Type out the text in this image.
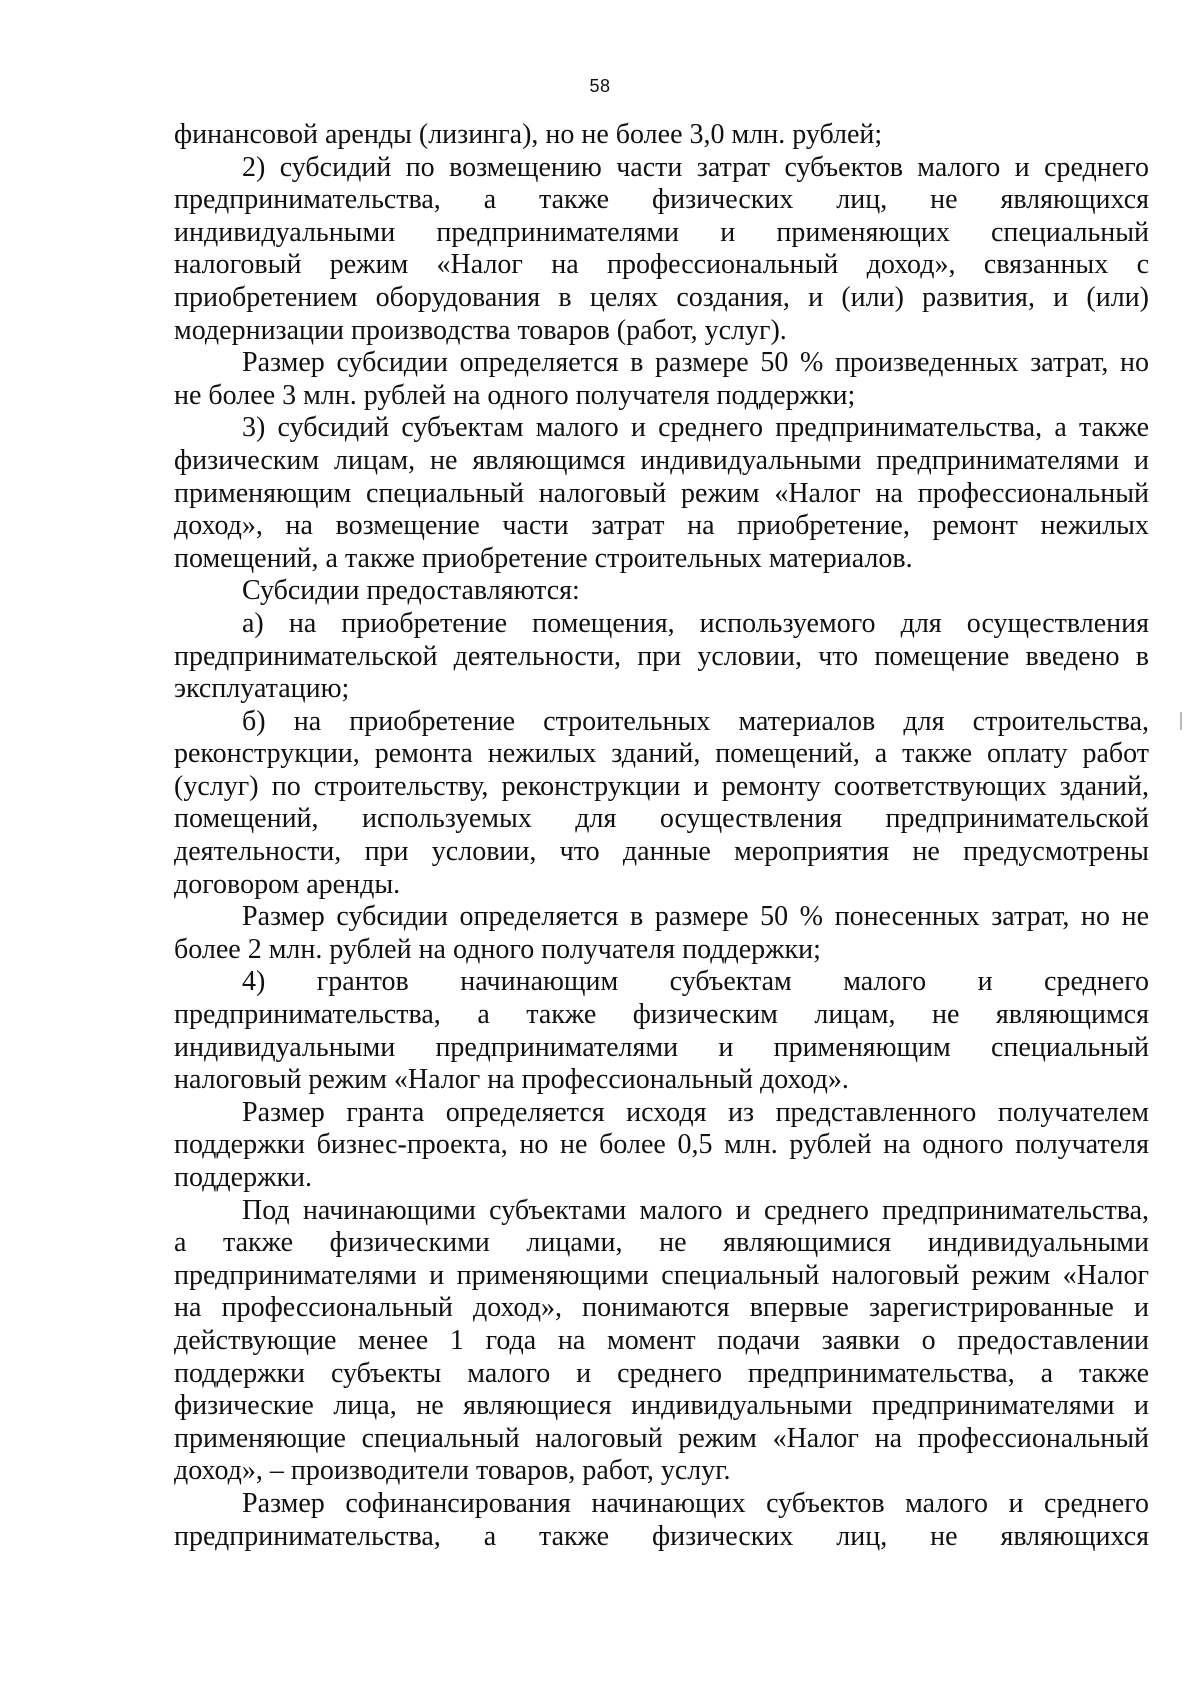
58
финансовой аренды (лизинга), но не более 3,0 млн. рублей;
2) субсидий по возмещению части затрат субъектов малого и среднего
предпринимательства, а также физических лиц, не являющихся
индивидуальными предпринимателями и применяющих специальный
налоговый режим «Налог на профессиональный доход», связанных с
приобретением оборудования в целях создания, и (или) развития, и (или)
модернизации производства товаров (работ, услуг).
Размер субсидии определяется в размере 50 % произведенных затрат, но
не более 3 млн. рублей на одного получателя поддержки;
3) субсидий субъектам малого и среднего предпринимательства, а также
физическим лицам, не являющимся индивидуальными предпринимателями и
применяющим специальный налоговый режим «Налог на профессиональный
доход», на возмещение части затрат на приобретение, ремонт нежилых
помещений, а также приобретение строительных материалов.
Субсидии предоставляются:
а) на приобретение помещения, используемого для осуществления
предпринимательской деятельности, при условии, что помещение введено в
эксплуатацию;
б) на приобретение строительных материалов для строительства,
реконструкции, ремонта нежилых зданий, помещений, а также оплату работ
(услуг) по строительству, реконструкции и ремонту соответствующих зданий,
помещений, используемых для осуществления предпринимательской
деятельности, при условии, что данные мероприятия не предусмотрены
договором аренды.
Размер субсидии определяется в размере 50 % понесенных затрат, но не
более 2 млн. рублей на одного получателя поддержки;
4) грантов начинающим субъектам малого и среднего
предпринимательства, а также физическим лицам, не являющимся
индивидуальными предпринимателями и применяющим специальный
налоговый режим «Налог на профессиональный доход».
Размер гранта определяется исходя из представленного получателем
поддержки бизнес-проекта, но не более 0,5 млн. рублей на одного получателя
поддержки.
Под начинающими субъектами малого и среднего предпринимательства,
а также физическими лицами, не являющимися индивидуальными
предпринимателями и применяющими специальный налоговый режим «Налог
на профессиональный доход», понимаются впервые зарегистрированные и
действующие менее 1 года на момент подачи заявки о предоставлении
поддержки субъекты малого и среднего предпринимательства, а также
физические лица, не являющиеся индивидуальными предпринимателями и
применяющие специальный налоговый режим «Налог на профессиональный
доход», – производители товаров, работ, услуг.
Размер софинансирования начинающих субъектов малого и среднего
предпринимательства, а также физических лиц, не являющихся
